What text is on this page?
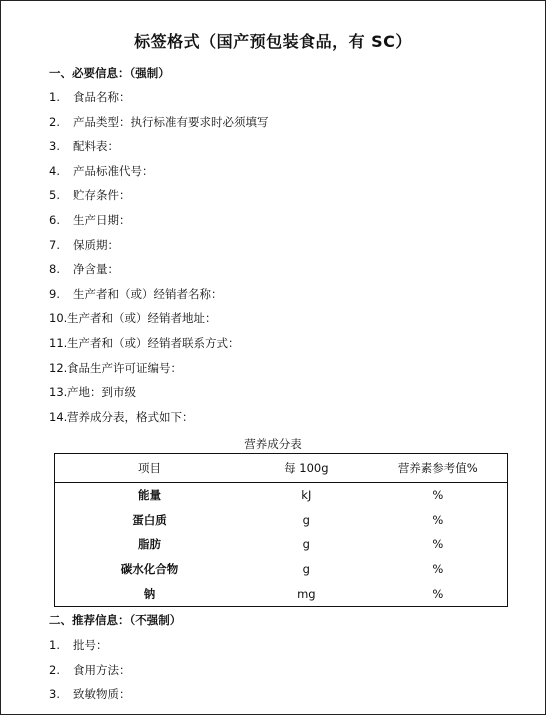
标签格式（国产预包装食品，有 SC）
一、必要信息：（强制）
1. 食品名称：
2. 产品类型：执行标准有要求时必须填写
3. 配料表：
4. 产品标准代号：
5. 贮存条件：
6. 生产日期：
7. 保质期：
8. 净含量：
9. 生产者和（或）经销者名称：
10.生产者和（或）经销者地址：
11.生产者和（或）经销者联系方式：
12.食品生产许可证编号：
13.产地：到市级
14.营养成分表，格式如下：
营养成分表
项目	每 100g	营养素参考值%
能量	kJ	%
蛋白质	g	%
脂肪	g	%
碳水化合物	g	%
钠	mg	%
二、推荐信息：（不强制）
1. 批号：
2. 食用方法：
3. 致敏物质：
